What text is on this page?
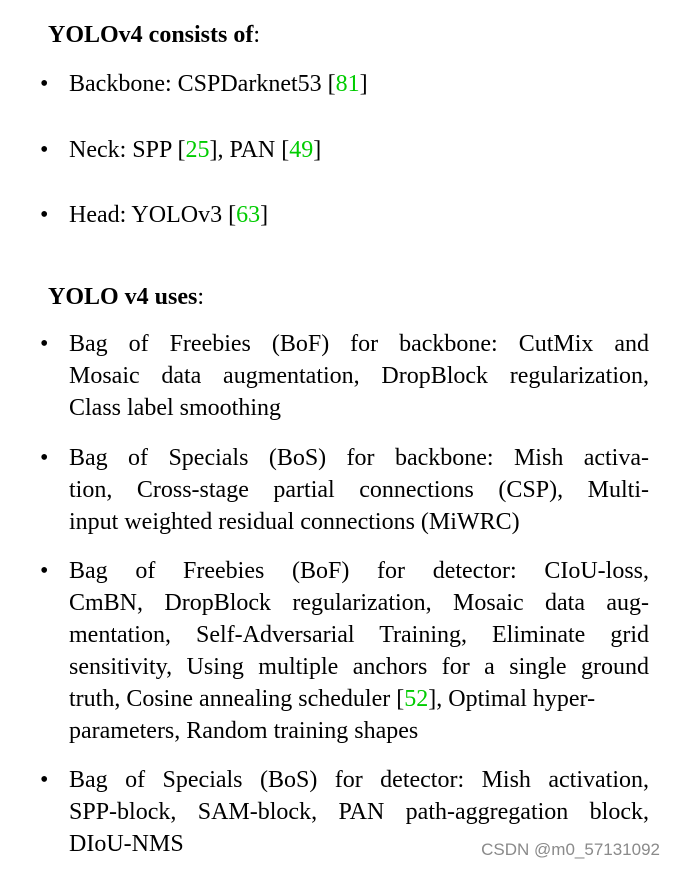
YOLOv4 consists of:
• Backbone: CSPDarknet53 [81]
• Neck: SPP [25], PAN [49]
• Head: YOLOv3 [63]
YOLO v4 uses:
• Bag of Freebies (BoF) for backbone: CutMix and
Mosaic data augmentation, DropBlock regularization,
Class label smoothing
• Bag of Specials (BoS) for backbone: Mish activa-
tion, Cross-stage partial connections (CSP), Multi-
input weighted residual connections (MiWRC)
• Bag of Freebies (BoF) for detector: CIoU-loss,
CmBN, DropBlock regularization, Mosaic data aug-
mentation, Self-Adversarial Training, Eliminate grid
sensitivity, Using multiple anchors for a single ground
truth, Cosine annealing scheduler [52], Optimal hyper-
parameters, Random training shapes
• Bag of Specials (BoS) for detector: Mish activation,
SPP-block, SAM-block, PAN path-aggregation block,
DIoU-NMS	CSDN @m0_57131092
